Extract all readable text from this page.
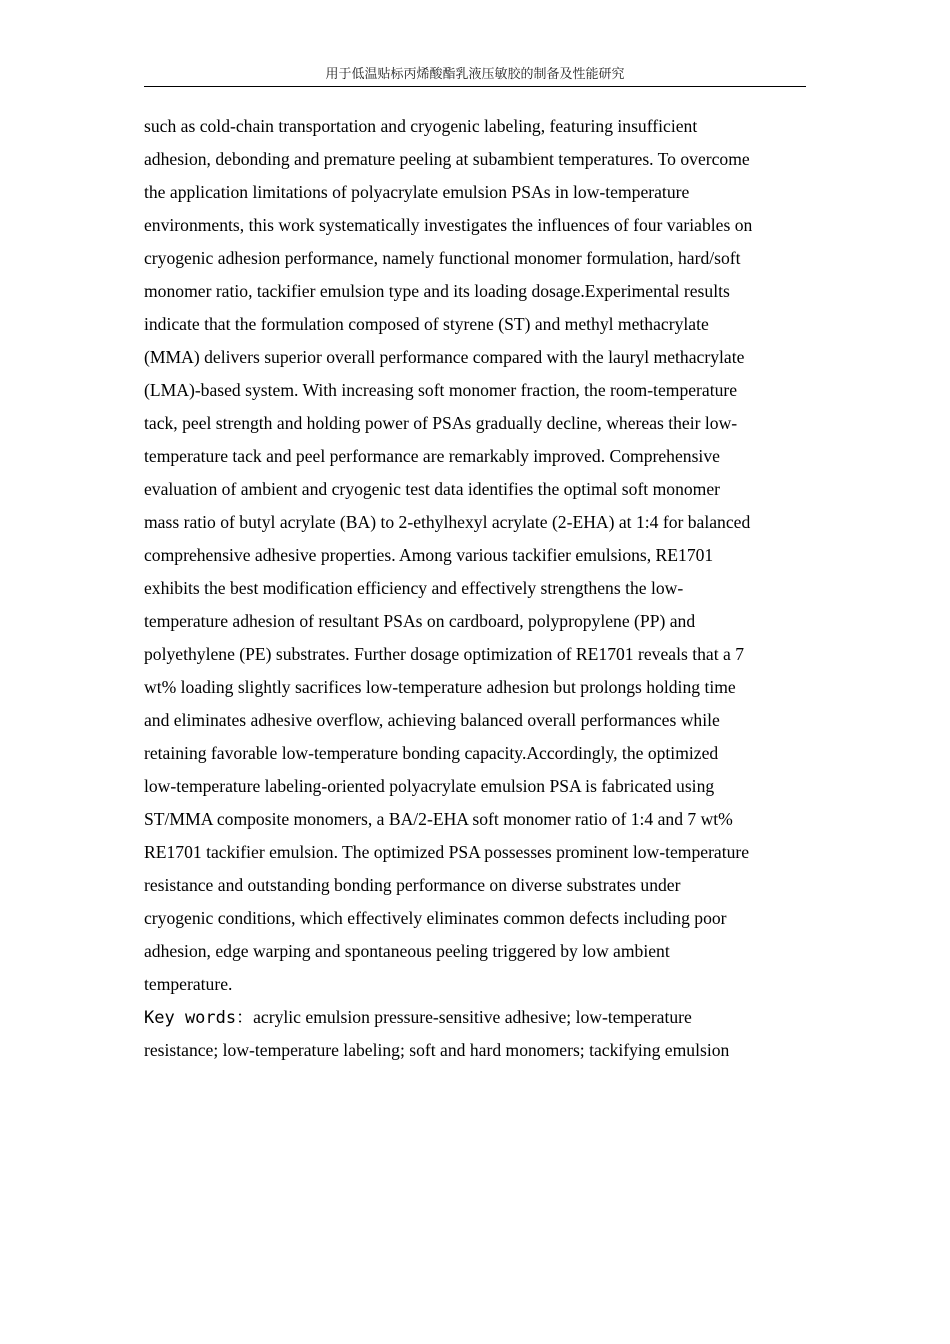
用于低温贴标丙烯酸酯乳液压敏胶的制备及性能研究
such as cold-chain transportation and cryogenic labeling, featuring insufficient
adhesion, debonding and premature peeling at subambient temperatures. To overcome
the application limitations of polyacrylate emulsion PSAs in low-temperature
environments, this work systematically investigates the influences of four variables on
cryogenic adhesion performance, namely functional monomer formulation, hard/soft
monomer ratio, tackifier emulsion type and its loading dosage.Experimental results
indicate that the formulation composed of styrene (ST) and methyl methacrylate
(MMA) delivers superior overall performance compared with the lauryl methacrylate
(LMA)-based system. With increasing soft monomer fraction, the room-temperature
tack, peel strength and holding power of PSAs gradually decline, whereas their low-
temperature tack and peel performance are remarkably improved. Comprehensive
evaluation of ambient and cryogenic test data identifies the optimal soft monomer
mass ratio of butyl acrylate (BA) to 2-ethylhexyl acrylate (2-EHA) at 1:4 for balanced
comprehensive adhesive properties. Among various tackifier emulsions, RE1701
exhibits the best modification efficiency and effectively strengthens the low-
temperature adhesion of resultant PSAs on cardboard, polypropylene (PP) and
polyethylene (PE) substrates. Further dosage optimization of RE1701 reveals that a 7
wt% loading slightly sacrifices low-temperature adhesion but prolongs holding time
and eliminates adhesive overflow, achieving balanced overall performances while
retaining favorable low-temperature bonding capacity.Accordingly, the optimized
low-temperature labeling-oriented polyacrylate emulsion PSA is fabricated using
ST/MMA composite monomers, a BA/2-EHA soft monomer ratio of 1:4 and 7 wt%
RE1701 tackifier emulsion. The optimized PSA possesses prominent low-temperature
resistance and outstanding bonding performance on diverse substrates under
cryogenic conditions, which effectively eliminates common defects including poor
adhesion, edge warping and spontaneous peeling triggered by low ambient
temperature.
Key words：acrylic emulsion pressure-sensitive adhesive; low-temperature
resistance; low-temperature labeling; soft and hard monomers; tackifying emulsion
